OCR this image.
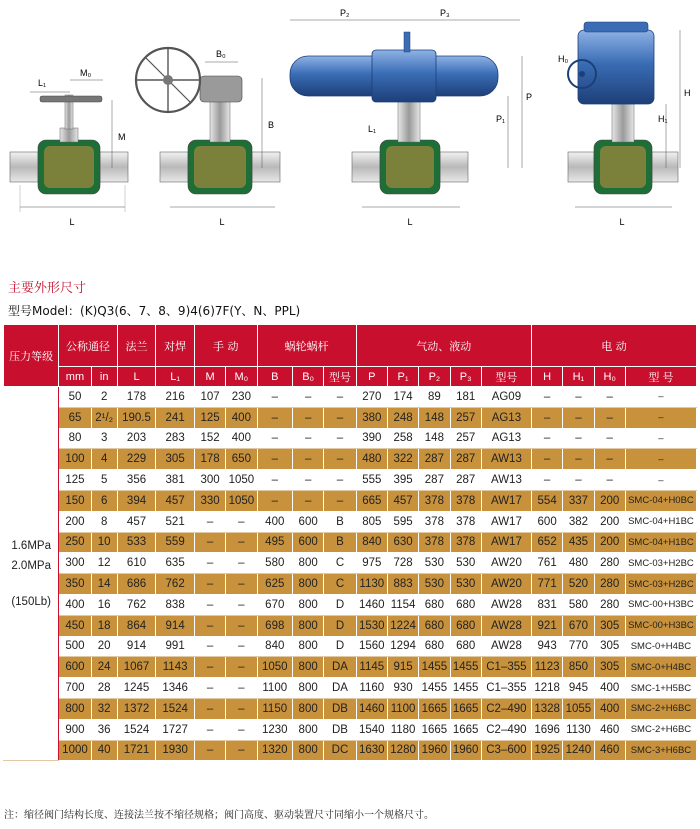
L
L₁
M₀
M
B₀
B
L
P₂	P₃
P₁
P
L₁
L
H₀
H₁
H
L
主要外形尺寸
型号Model：(K)Q3(6、7、8、9)4(6)7F(Y、N、PPL)
压力等级	公称通径		法兰	对焊	手 动		蜗轮蜗杆			气动、液动					电 动			
	mm	in	L	L₁	M	M₀	B	B₀	型号	P	P₁	P₂	P₃	型号	H	H₁	H₀	型 号

1.6MPa
2.0MPa
(150Lb)	50	2	178	216	107	230	–	–	–	270	174	89	181	AG09	–	–	–	–
	65	2¹/₂	190.5	241	125	400	–	–	–	380	248	148	257	AG13	–	–	–	–
	80	3	203	283	152	400	–	–	–	390	258	148	257	AG13	–	–	–	–
	100	4	229	305	178	650	–	–	–	480	322	287	287	AW13	–	–	–	–
	125	5	356	381	300	1050	–	–	–	555	395	287	287	AW13	–	–	–	–
	150	6	394	457	330	1050	–	–	–	665	457	378	378	AW17	554	337	200	SMC-04+H0BC
	200	8	457	521	–	–	400	600	B	805	595	378	378	AW17	600	382	200	SMC-04+H1BC
	250	10	533	559	–	–	495	600	B	840	630	378	378	AW17	652	435	200	SMC-04+H1BC
	300	12	610	635	–	–	580	800	C	975	728	530	530	AW20	761	480	280	SMC-03+H2BC
	350	14	686	762	–	–	625	800	C	1130	883	530	530	AW20	771	520	280	SMC-03+H2BC
	400	16	762	838	–	–	670	800	D	1460	1154	680	680	AW28	831	580	280	SMC-00+H3BC
	450	18	864	914	–	–	698	800	D	1530	1224	680	680	AW28	921	670	305	SMC-00+H3BC
	500	20	914	991	–	–	840	800	D	1560	1294	680	680	AW28	943	770	305	SMC-0+H4BC
	600	24	1067	1143	–	–	1050	800	DA	1145	915	1455	1455	C1–355	1123	850	305	SMC-0+H4BC
	700	28	1245	1346	–	–	1100	800	DA	1160	930	1455	1455	C1–355	1218	945	400	SMC-1+H5BC
	800	32	1372	1524	–	–	1150	800	DB	1460	1100	1665	1665	C2–490	1328	1055	400	SMC-2+H6BC
	900	36	1524	1727	–	–	1230	800	DB	1540	1180	1665	1665	C2–490	1696	1130	460	SMC-2+H6BC
	1000	40	1721	1930	–	–	1320	800	DC	1630	1280	1960	1960	C3–600	1925	1240	460	SMC-3+H6BC
注：缩径阀门结构长度、连接法兰按不缩径规格；阀门高度、驱动装置尺寸同缩小一个规格尺寸。
